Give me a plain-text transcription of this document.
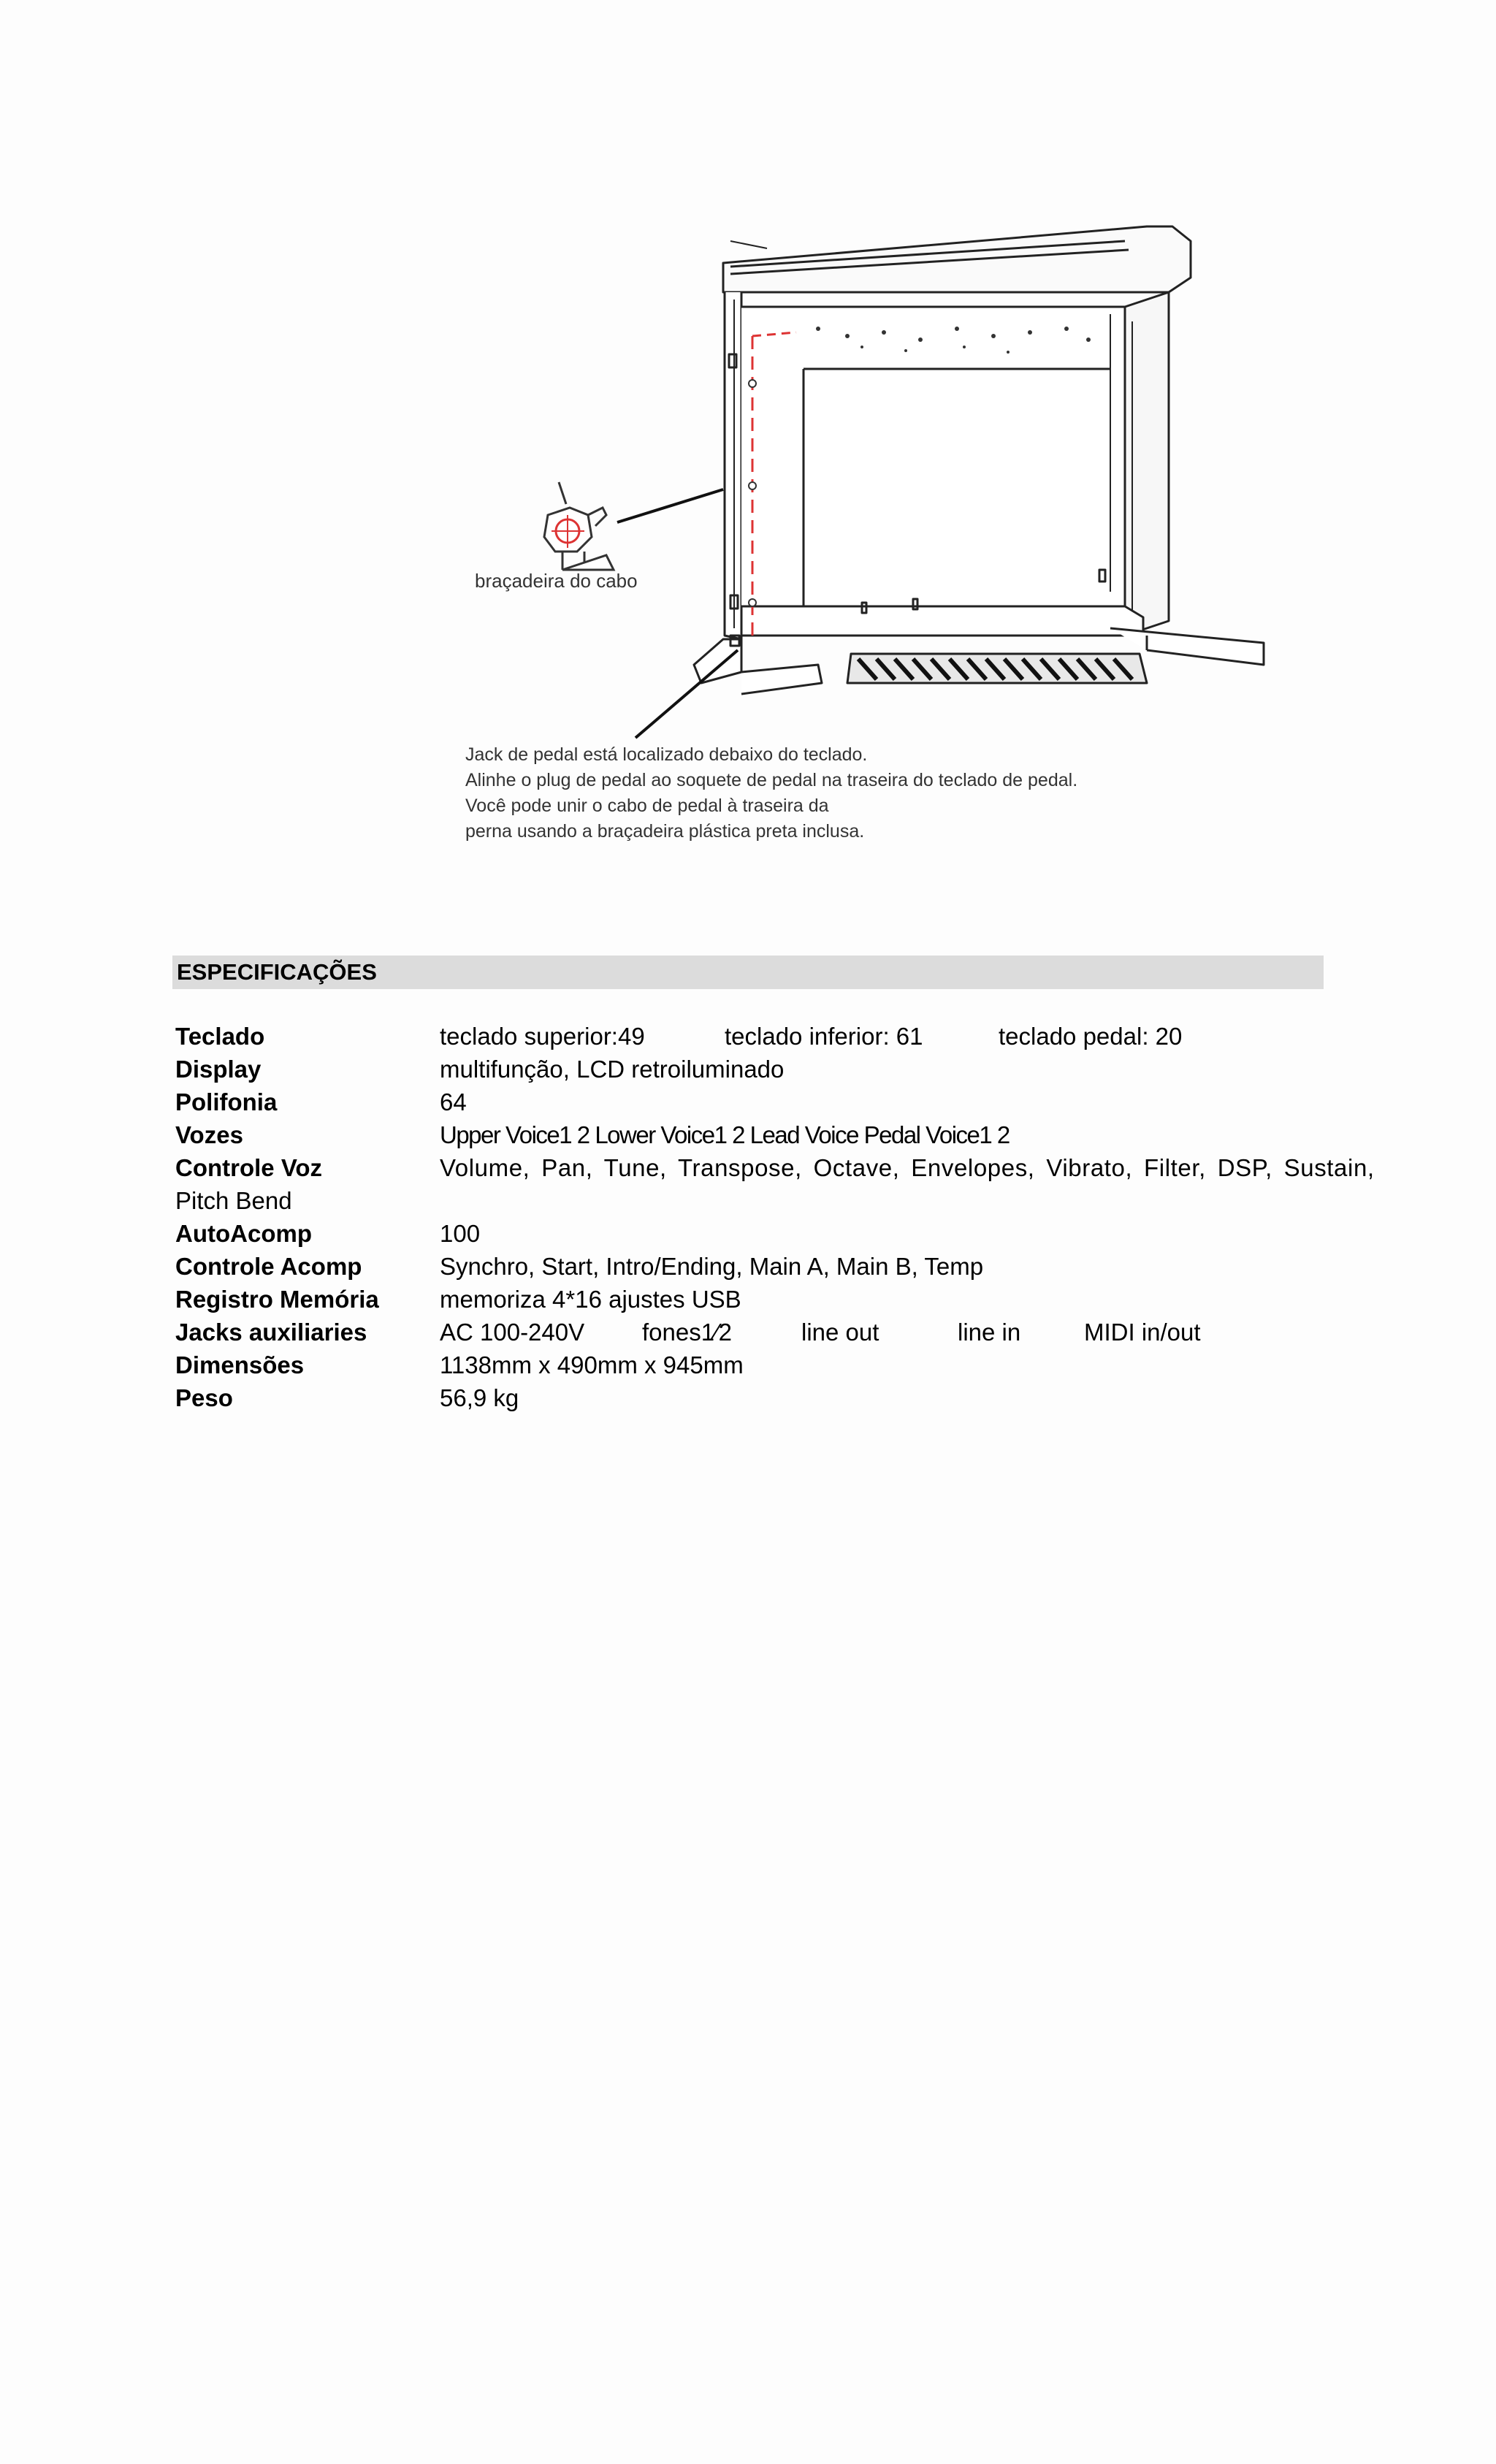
braçadeira do cabo
Jack de pedal está localizado debaixo do teclado.
Alinhe o plug de pedal ao soquete de pedal na traseira do teclado de pedal.
Você pode unir o cabo de pedal à traseira da
perna usando a braçadeira plástica preta inclusa.
ESPECIFICAÇÕES
Teclado	teclado superior:49	teclado inferior: 61	teclado pedal: 20
Display	multifunção, LCD retroiluminado
Polifonia	64
Vozes	Upper Voice1 2 Lower Voice1 2 Lead Voice Pedal Voice1 2
Controle Voz	Volume, Pan, Tune, Transpose, Octave, Envelopes, Vibrato, Filter, DSP, Sustain,
Pitch Bend
AutoAcomp	100
Controle Acomp	Synchro, Start, Intro/Ending, Main A, Main B, Temp
Registro Memória	memoriza 4*16 ajustes USB
Jacks auxiliaries	AC 100-240V	fones1⁄2	line out	line in	MIDI in/out
Dimensões	1138mm x 490mm x 945mm
Peso	56,9 kg
